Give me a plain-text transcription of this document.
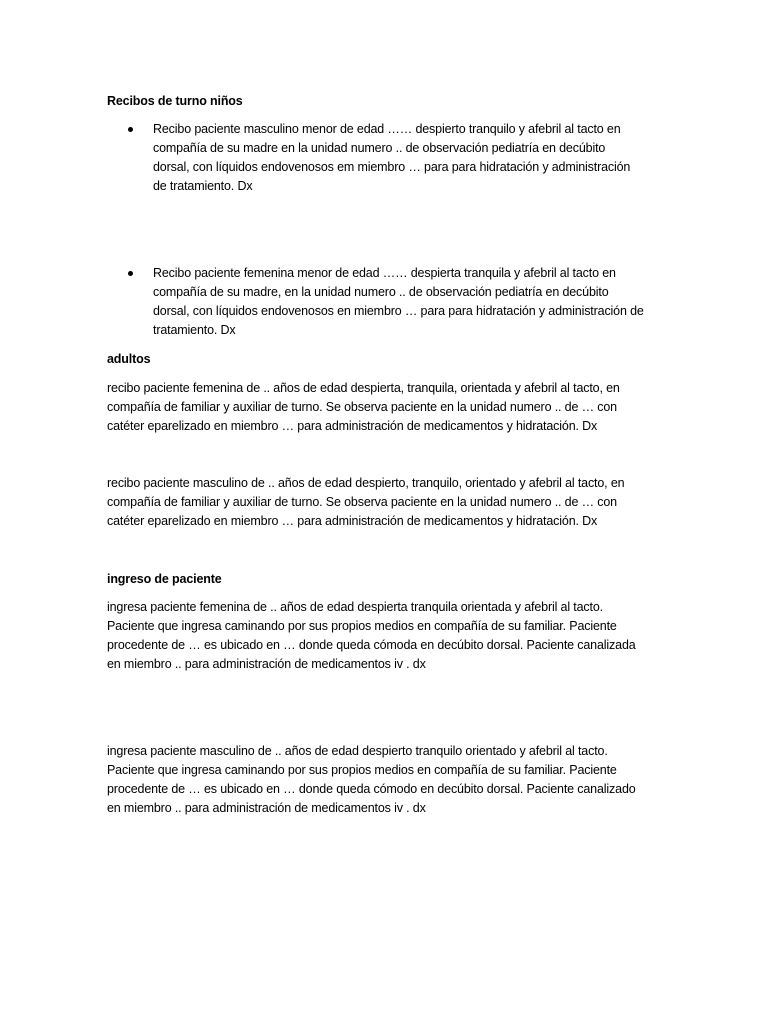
Recibos de turno niños
Recibo paciente masculino menor de edad …… despierto tranquilo y afebril al tacto en
compañía de su madre en la unidad numero .. de observación pediatría en decúbito
dorsal, con líquidos endovenosos em miembro … para para hidratación y administración
de tratamiento. Dx
Recibo paciente femenina menor de edad …… despierta tranquila y afebril al tacto en
compañía de su madre, en la unidad numero .. de observación pediatría en decúbito
dorsal, con líquidos endovenosos en miembro … para para hidratación y administración de
tratamiento. Dx
adultos
recibo paciente femenina de .. años de edad despierta, tranquila, orientada y afebril al tacto, en
compañía de familiar y auxiliar de turno. Se observa paciente en la unidad numero .. de … con
catéter eparelizado en miembro … para administración de medicamentos y hidratación. Dx
recibo paciente masculino de .. años de edad despierto, tranquilo, orientado y afebril al tacto, en
compañía de familiar y auxiliar de turno. Se observa paciente en la unidad numero .. de … con
catéter eparelizado en miembro … para administración de medicamentos y hidratación. Dx
ingreso de paciente
ingresa paciente femenina de .. años de edad despierta tranquila orientada y afebril al tacto.
Paciente que ingresa caminando por sus propios medios en compañía de su familiar. Paciente
procedente de … es ubicado en … donde queda cómoda en decúbito dorsal. Paciente canalizada
en miembro .. para administración de medicamentos iv . dx
ingresa paciente masculino de .. años de edad despierto tranquilo orientado y afebril al tacto.
Paciente que ingresa caminando por sus propios medios en compañía de su familiar. Paciente
procedente de … es ubicado en … donde queda cómodo en decúbito dorsal. Paciente canalizado
en miembro .. para administración de medicamentos iv . dx
